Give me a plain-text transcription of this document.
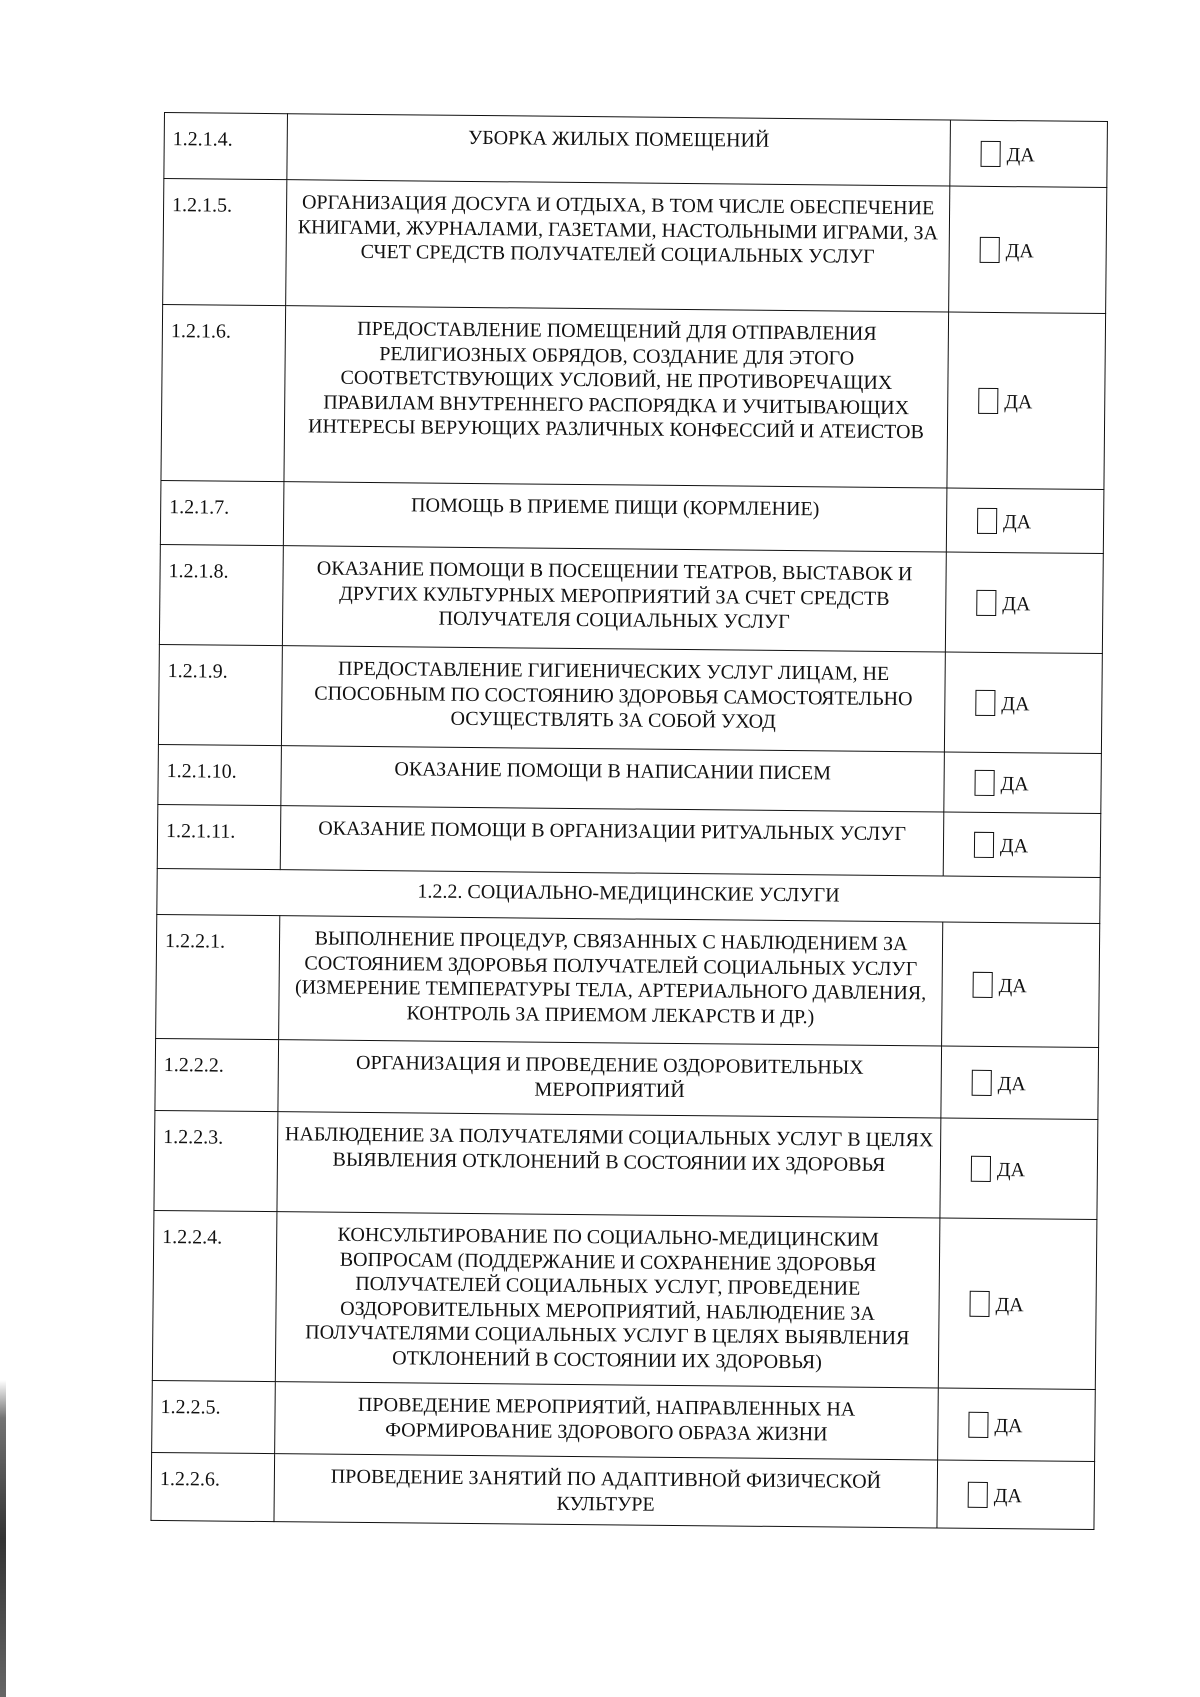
1.2.1.4.	УБОРКА ЖИЛЫХ ПОМЕЩЕНИЙ	ДА
1.2.1.5.	ОРГАНИЗАЦИЯ ДОСУГА И ОТДЫХА, В ТОМ ЧИСЛЕ ОБЕСПЕЧЕНИЕ КНИГАМИ, ЖУРНАЛАМИ, ГАЗЕТАМИ, НАСТОЛЬНЫМИ ИГРАМИ, ЗА СЧЕТ СРЕДСТВ ПОЛУЧАТЕЛЕЙ СОЦИАЛЬНЫХ УСЛУГ	ДА
1.2.1.6.	ПРЕДОСТАВЛЕНИЕ ПОМЕЩЕНИЙ ДЛЯ ОТПРАВЛЕНИЯ РЕЛИГИОЗНЫХ ОБРЯДОВ, СОЗДАНИЕ ДЛЯ ЭТОГО СООТВЕТСТВУЮЩИХ УСЛОВИЙ, НЕ ПРОТИВОРЕЧАЩИХ ПРАВИЛАМ ВНУТРЕННЕГО РАСПОРЯДКА И УЧИТЫВАЮЩИХ ИНТЕРЕСЫ ВЕРУЮЩИХ РАЗЛИЧНЫХ КОНФЕССИЙ И АТЕИСТОВ	ДА
1.2.1.7.	ПОМОЩЬ В ПРИЕМЕ ПИЩИ (КОРМЛЕНИЕ)	ДА
1.2.1.8.	ОКАЗАНИЕ ПОМОЩИ В ПОСЕЩЕНИИ ТЕАТРОВ, ВЫСТАВОК И ДРУГИХ КУЛЬТУРНЫХ МЕРОПРИЯТИЙ ЗА СЧЕТ СРЕДСТВ ПОЛУЧАТЕЛЯ СОЦИАЛЬНЫХ УСЛУГ	ДА
1.2.1.9.	ПРЕДОСТАВЛЕНИЕ ГИГИЕНИЧЕСКИХ УСЛУГ ЛИЦАМ, НЕ СПОСОБНЫМ ПО СОСТОЯНИЮ ЗДОРОВЬЯ САМОСТОЯТЕЛЬНО ОСУЩЕСТВЛЯТЬ ЗА СОБОЙ УХОД	ДА
1.2.1.10.	ОКАЗАНИЕ ПОМОЩИ В НАПИСАНИИ ПИСЕМ	ДА
1.2.1.11.	ОКАЗАНИЕ ПОМОЩИ В ОРГАНИЗАЦИИ РИТУАЛЬНЫХ УСЛУГ	ДА
1.2.2. СОЦИАЛЬНО-МЕДИЦИНСКИЕ УСЛУГИ		
1.2.2.1.	ВЫПОЛНЕНИЕ ПРОЦЕДУР, СВЯЗАННЫХ С НАБЛЮДЕНИЕМ ЗА СОСТОЯНИЕМ ЗДОРОВЬЯ ПОЛУЧАТЕЛЕЙ СОЦИАЛЬНЫХ УСЛУГ (ИЗМЕРЕНИЕ ТЕМПЕРАТУРЫ ТЕЛА, АРТЕРИАЛЬНОГО ДАВЛЕНИЯ, КОНТРОЛЬ ЗА ПРИЕМОМ ЛЕКАРСТВ И ДР.)	ДА
1.2.2.2.	ОРГАНИЗАЦИЯ И ПРОВЕДЕНИЕ ОЗДОРОВИТЕЛЬНЫХ МЕРОПРИЯТИЙ	ДА
1.2.2.3.	НАБЛЮДЕНИЕ ЗА ПОЛУЧАТЕЛЯМИ СОЦИАЛЬНЫХ УСЛУГ В ЦЕЛЯХ ВЫЯВЛЕНИЯ ОТКЛОНЕНИЙ В СОСТОЯНИИ ИХ ЗДОРОВЬЯ	ДА
1.2.2.4.	КОНСУЛЬТИРОВАНИЕ ПО СОЦИАЛЬНО-МЕДИЦИНСКИМ ВОПРОСАМ (ПОДДЕРЖАНИЕ И СОХРАНЕНИЕ ЗДОРОВЬЯ ПОЛУЧАТЕЛЕЙ СОЦИАЛЬНЫХ УСЛУГ, ПРОВЕДЕНИЕ ОЗДОРОВИТЕЛЬНЫХ МЕРОПРИЯТИЙ, НАБЛЮДЕНИЕ ЗА ПОЛУЧАТЕЛЯМИ СОЦИАЛЬНЫХ УСЛУГ В ЦЕЛЯХ ВЫЯВЛЕНИЯ ОТКЛОНЕНИЙ В СОСТОЯНИИ ИХ ЗДОРОВЬЯ)	ДА
1.2.2.5.	ПРОВЕДЕНИЕ МЕРОПРИЯТИЙ, НАПРАВЛЕННЫХ НА ФОРМИРОВАНИЕ ЗДОРОВОГО ОБРАЗА ЖИЗНИ	ДА
1.2.2.6.	ПРОВЕДЕНИЕ ЗАНЯТИЙ ПО АДАПТИВНОЙ ФИЗИЧЕСКОЙ КУЛЬТУРЕ	ДА
